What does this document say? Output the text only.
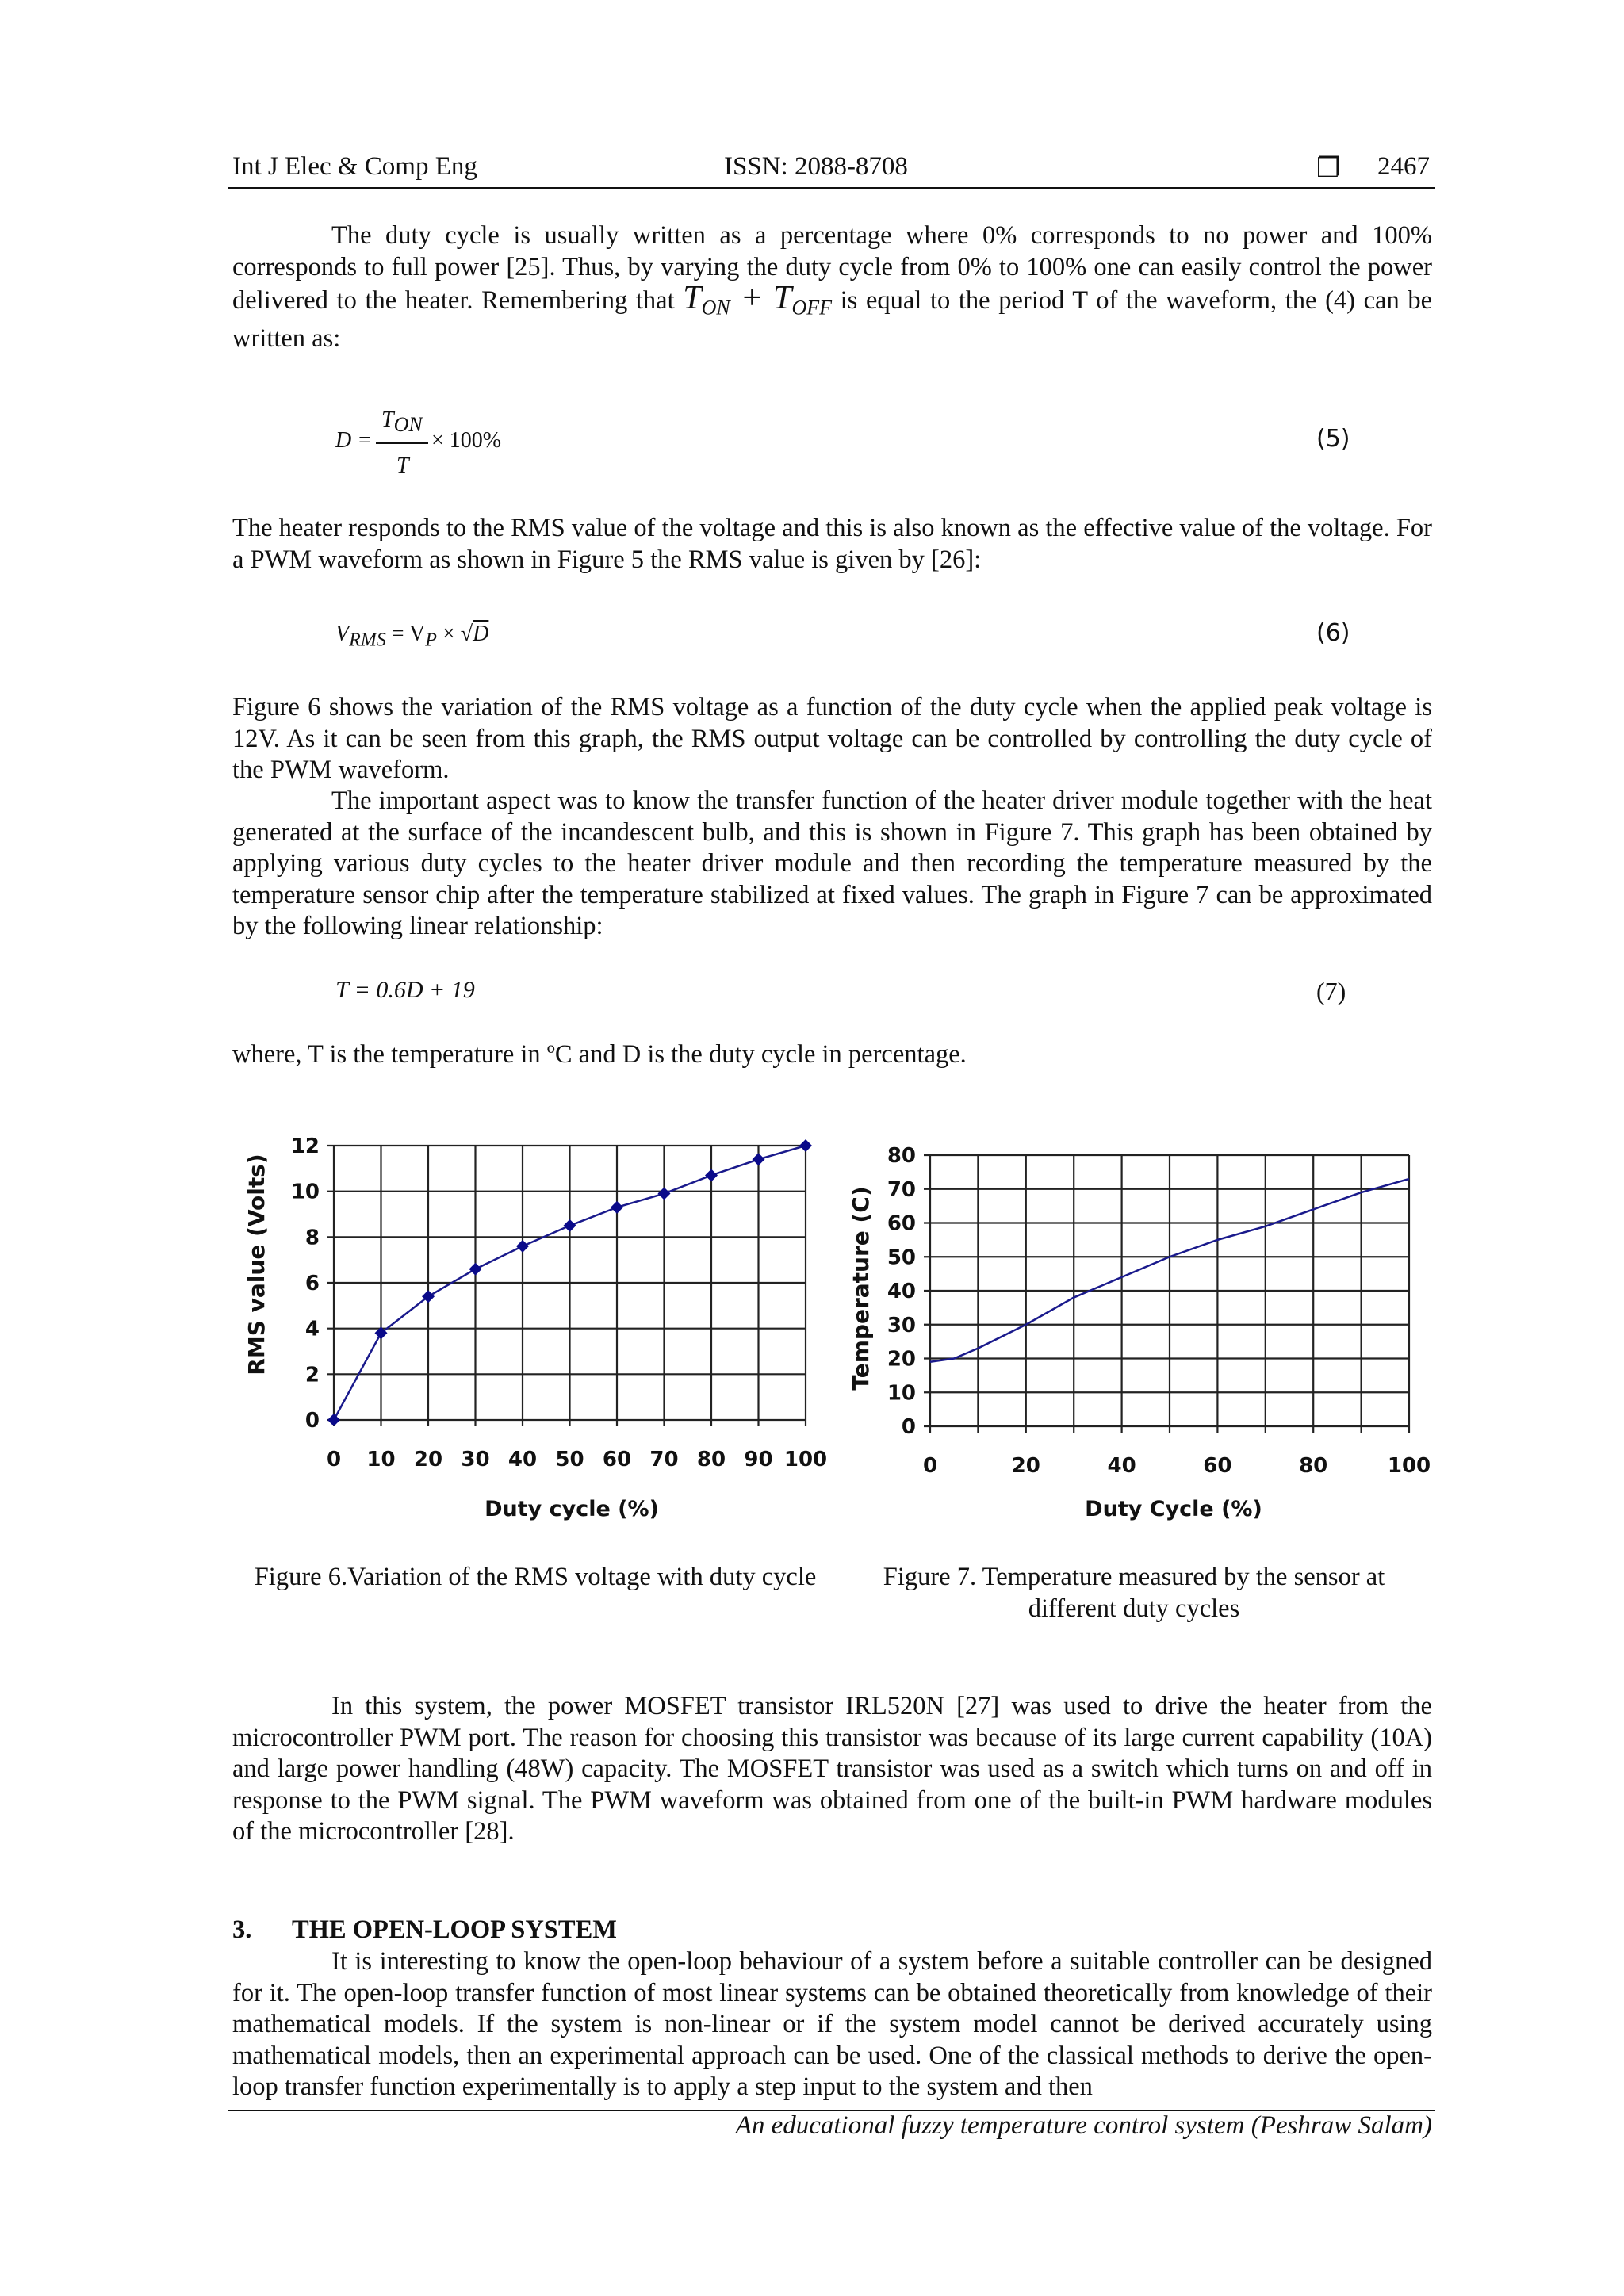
Int J Elec & Comp Eng	ISSN: 2088-8708	❐ 2467
The duty cycle is usually written as a percentage where 0% corresponds to no power and 100% corresponds to full power [25]. Thus, by varying the duty cycle from 0% to 100% one can easily control the power delivered to the heater. Remembering that $T_{ON} + T_{OFF}$ is equal to the period T of the waveform, the (4) can be written as:
D =
TON
T
× 100%	(5)
The heater responds to the RMS value of the voltage and this is also known as the effective value of the voltage. For a PWM waveform as shown in Figure 5 the RMS value is given by [26]:
$V_{RMS} = V_P \times √D$	(6)
Figure 6 shows the variation of the RMS voltage as a function of the duty cycle when the applied peak voltage is 12V. As it can be seen from this graph, the RMS output voltage can be controlled by controlling the duty cycle of the PWM waveform.
The important aspect was to know the transfer function of the heater driver module together with the heat generated at the surface of the incandescent bulb, and this is shown in Figure 7. This graph has been obtained by applying various duty cycles to the heater driver module and then recording the temperature measured by the temperature sensor chip after the temperature stabilized at fixed values. The graph in Figure 7 can be approximated by the following linear relationship:
T = 0.6D + 19	(7)
where, T is the temperature in ºC and D is the duty cycle in percentage.
0
2
4
6
8
10
12
0 10 20 30 40 50 60 70 80 90 100
Duty cycle (%)
RMS value (Volts)
0
10
20
30
40
50
60
70
80
0	20	40	60	80	100
Duty Cycle (%)
Temperature (C)
Figure 6.Variation of the RMS voltage with duty cycle	Figure 7. Temperature measured by the sensor at different duty cycles
In this system, the power MOSFET transistor IRL520N [27] was used to drive the heater from the microcontroller PWM port. The reason for choosing this transistor was because of its large current capability (10A) and large power handling (48W) capacity. The MOSFET transistor was used as a switch which turns on and off in response to the PWM signal. The PWM waveform was obtained from one of the built-in PWM hardware modules of the microcontroller [28].
3. THE OPEN-LOOP SYSTEM
It is interesting to know the open-loop behaviour of a system before a suitable controller can be designed for it. The open-loop transfer function of most linear systems can be obtained theoretically from knowledge of their mathematical models. If the system is non-linear or if the system model cannot be derived accurately using mathematical models, then an experimental approach can be used. One of the classical methods to derive the open-loop transfer function experimentally is to apply a step input to the system and then
An educational fuzzy temperature control system (Peshraw Salam)
